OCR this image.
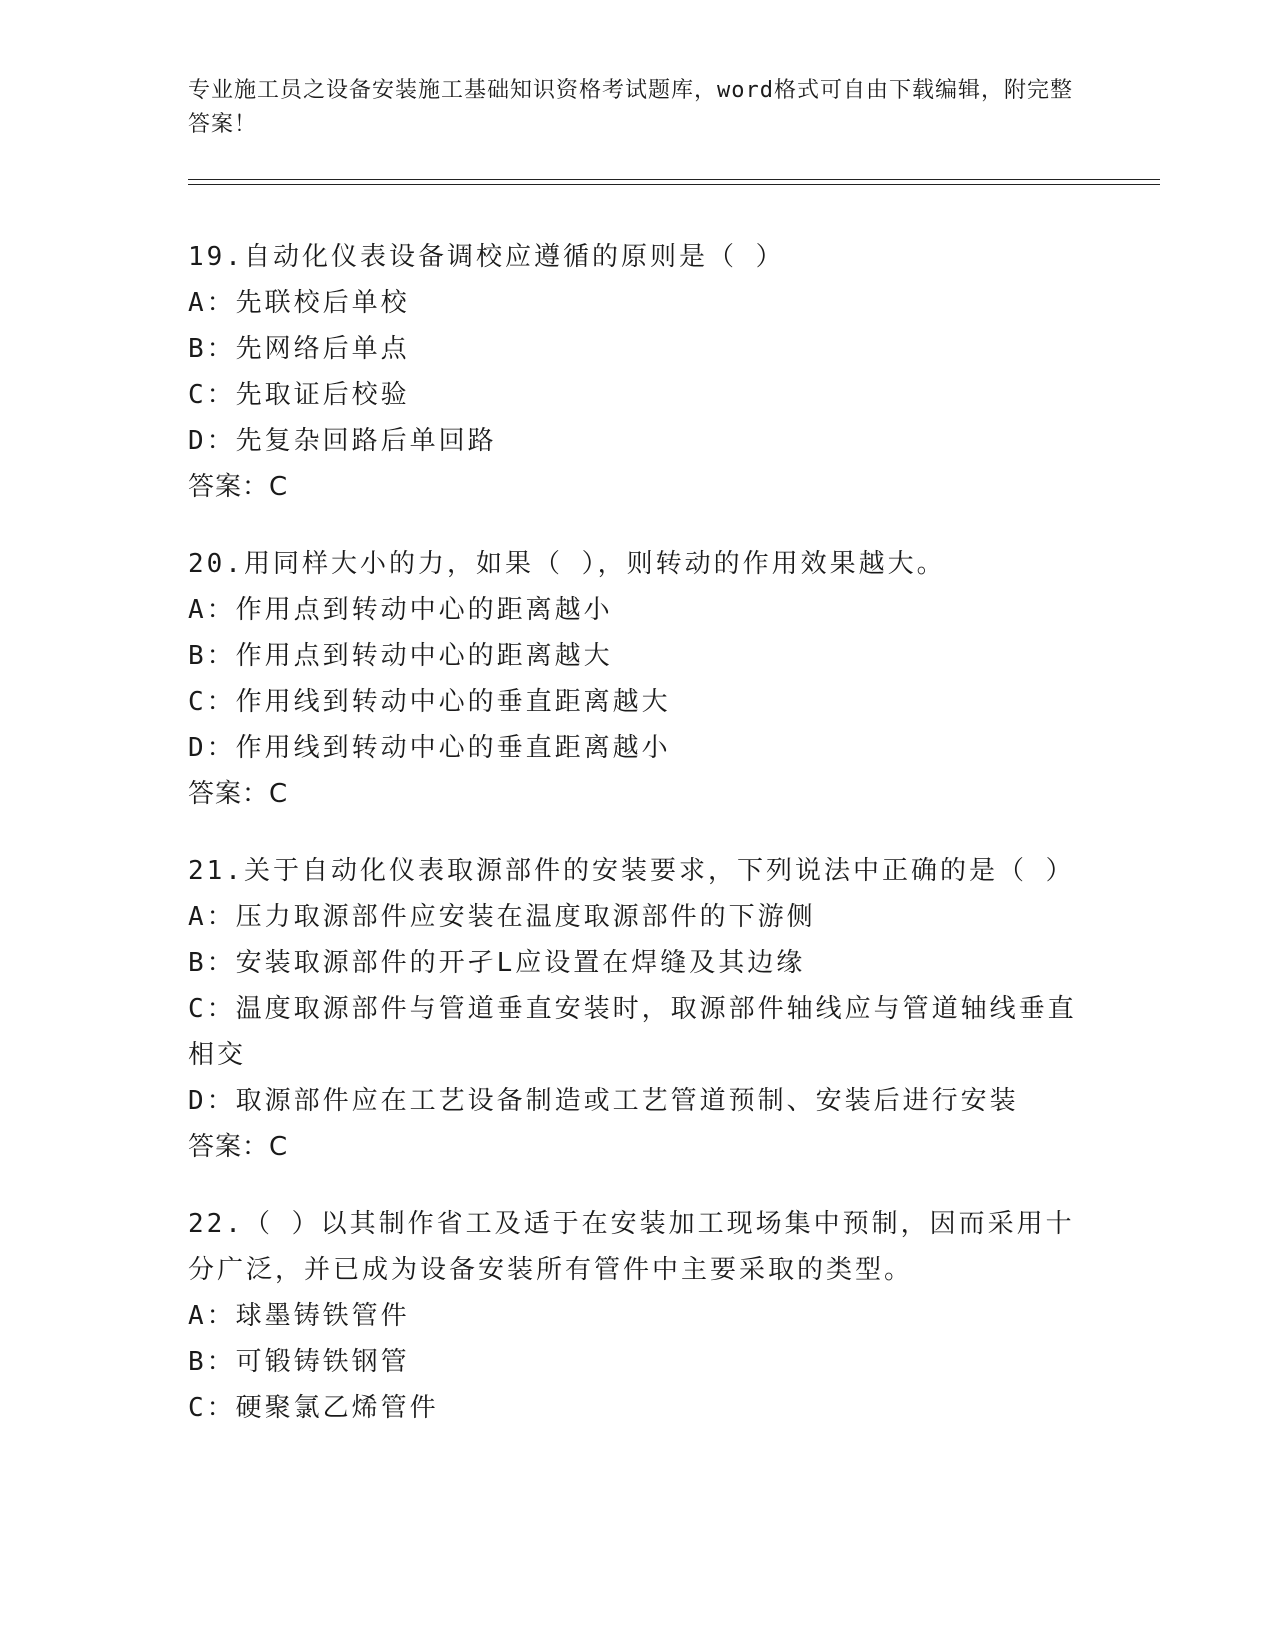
专业施工员之设备安装施工基础知识资格考试题库，word格式可自由下载编辑，附完整答案！
19.自动化仪表设备调校应遵循的原则是（ ）
A：先联校后单校
B：先网络后单点
C：先取证后校验
D：先复杂回路后单回路
答案：C
20.用同样大小的力，如果（ ），则转动的作用效果越大。
A：作用点到转动中心的距离越小
B：作用点到转动中心的距离越大
C：作用线到转动中心的垂直距离越大
D：作用线到转动中心的垂直距离越小
答案：C
21.关于自动化仪表取源部件的安装要求，下列说法中正确的是（ ）
A：压力取源部件应安装在温度取源部件的下游侧
B：安装取源部件的开孑L应设置在焊缝及其边缘
C：温度取源部件与管道垂直安装时，取源部件轴线应与管道轴线垂直相交
D：取源部件应在工艺设备制造或工艺管道预制、安装后进行安装
答案：C
22.（ ）以其制作省工及适于在安装加工现场集中预制，因而采用十分广泛，并已成为设备安装所有管件中主要采取的类型。
A：球墨铸铁管件
B：可锻铸铁钢管
C：硬聚氯乙烯管件
